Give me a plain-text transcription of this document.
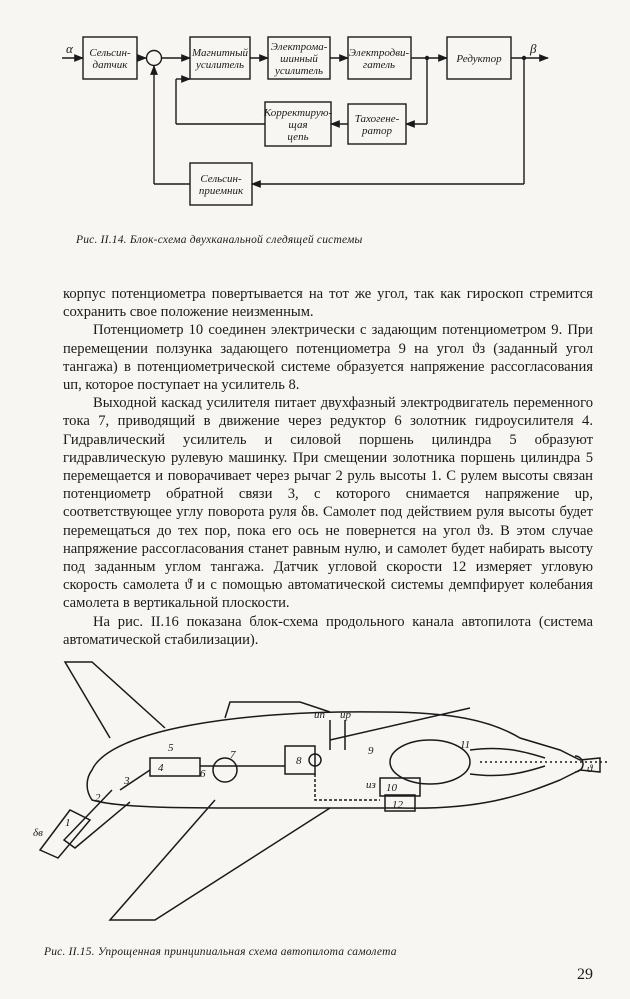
α	β
Сельсин-датчик
Магнитный усилитель
Электрома-шинный усилитель
Электродви-гатель	Редуктор
Корректирую-щая цепь
Тахогене-ратор
Сельсин-приемник
Рис. II.14. Блок-схема двухканальной следящей системы

корпус потенциометра повертывается на тот же угол, так как гироскоп стремится сохранить свое положение неизменным.

Потенциометр 10 соединен электрически с задающим потенциометром 9. При перемещении ползунка задающего потенциометра 9 на угол ϑз (заданный угол тангажа) в потенциометрической системе образуется напряжение рассогласования uп, которое поступает на усилитель 8.

Выходной каскад усилителя питает двухфазный электродвигатель переменного тока 7, приводящий в движение через редуктор 6 золотник гидроусилителя 4. Гидравлический усилитель и силовой поршень цилиндра 5 образуют гидравлическую рулевую машинку. При смещении золотника поршень цилиндра 5 перемещается и поворачивает через рычаг 2 руль высоты 1. С рулем высоты связан потенциометр обратной связи 3, с которого снимается напряжение uр, соответствующее углу поворота руля δв. Самолет под действием руля высоты будет перемещаться до тех пор, пока его ось не повернется на угол ϑз. В этом случае напряжение рассогласования станет равным нулю, и самолет будет набирать высоту под заданным углом тангажа. Датчик угловой скорости 12 измеряет угловую скорость самолета ϑ̇ и с помощью автоматической системы демпфирует колебания самолета в вертикальной плоскости.

На рис. II.16 показана блок-схема продольного канала автопилота (система автоматической стабилизации).

uп uр
δв
ϑ
uз
1
2
3
4
5
6
7	8
9
10
11
12
Рис. II.15. Упрощенная принципиальная схема автопилота самолета
29
